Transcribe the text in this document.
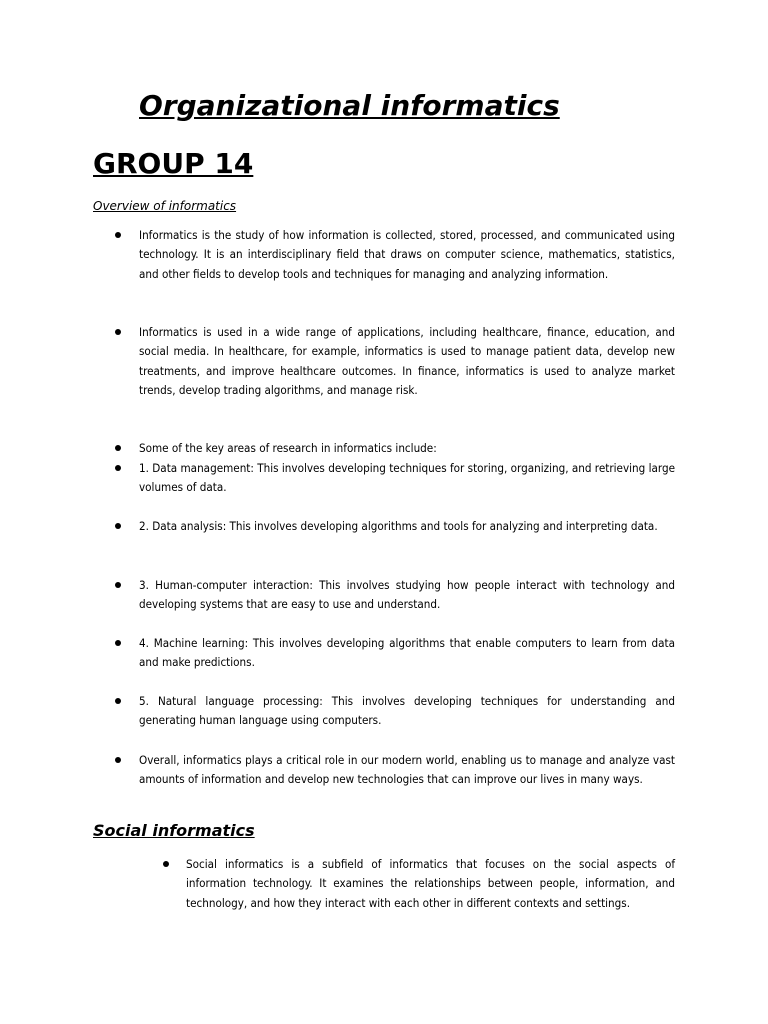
Organizational informatics
GROUP 14
Overview of informatics
Informatics is the study of how information is collected, stored, processed, and communicated using technology. It is an interdisciplinary field that draws on computer science, mathematics, statistics, and other fields to develop tools and techniques for managing and analyzing information.
Informatics is used in a wide range of applications, including healthcare, finance, education, and social media. In healthcare, for example, informatics is used to manage patient data, develop new treatments, and improve healthcare outcomes. In finance, informatics is used to analyze market trends, develop trading algorithms, and manage risk.
Some of the key areas of research in informatics include:
1. Data management: This involves developing techniques for storing, organizing, and retrieving large volumes of data.
2. Data analysis: This involves developing algorithms and tools for analyzing and interpreting data.
3. Human-computer interaction: This involves studying how people interact with technology and developing systems that are easy to use and understand.
4. Machine learning: This involves developing algorithms that enable computers to learn from data and make predictions.
5. Natural language processing: This involves developing techniques for understanding and generating human language using computers.
Overall, informatics plays a critical role in our modern world, enabling us to manage and analyze vast amounts of information and develop new technologies that can improve our lives in many ways.
Social informatics
Social informatics is a subfield of informatics that focuses on the social aspects of information technology. It examines the relationships between people, information, and technology, and how they interact with each other in different contexts and settings.
